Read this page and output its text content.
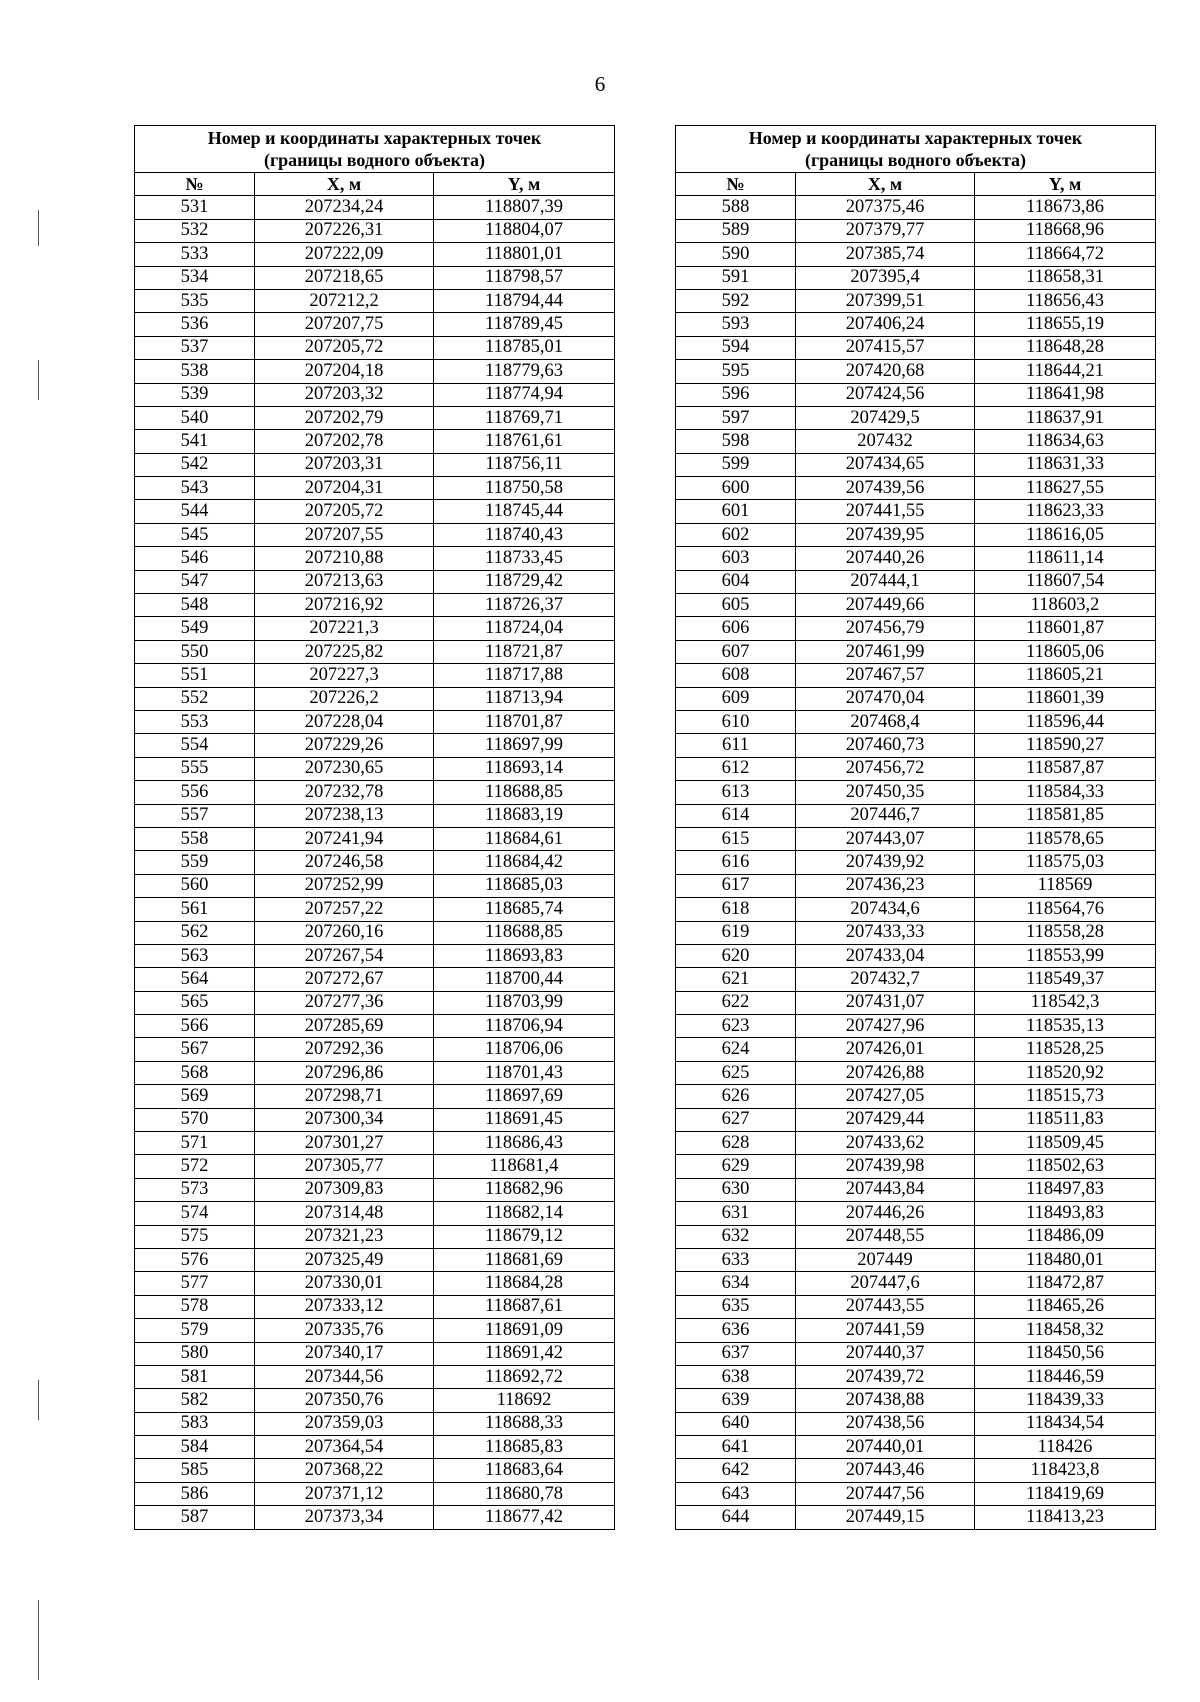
6
Номер и координаты характерных точек
(границы водного объекта)		

№	X, м	Y, м
531	207234,24	118807,39
532	207226,31	118804,07
533	207222,09	118801,01
534	207218,65	118798,57
535	207212,2	118794,44
536	207207,75	118789,45
537	207205,72	118785,01
538	207204,18	118779,63
539	207203,32	118774,94
540	207202,79	118769,71
541	207202,78	118761,61
542	207203,31	118756,11
543	207204,31	118750,58
544	207205,72	118745,44
545	207207,55	118740,43
546	207210,88	118733,45
547	207213,63	118729,42
548	207216,92	118726,37
549	207221,3	118724,04
550	207225,82	118721,87
551	207227,3	118717,88
552	207226,2	118713,94
553	207228,04	118701,87
554	207229,26	118697,99
555	207230,65	118693,14
556	207232,78	118688,85
557	207238,13	118683,19
558	207241,94	118684,61
559	207246,58	118684,42
560	207252,99	118685,03
561	207257,22	118685,74
562	207260,16	118688,85
563	207267,54	118693,83
564	207272,67	118700,44
565	207277,36	118703,99
566	207285,69	118706,94
567	207292,36	118706,06
568	207296,86	118701,43
569	207298,71	118697,69
570	207300,34	118691,45
571	207301,27	118686,43
572	207305,77	118681,4
573	207309,83	118682,96
574	207314,48	118682,14
575	207321,23	118679,12
576	207325,49	118681,69
577	207330,01	118684,28
578	207333,12	118687,61
579	207335,76	118691,09
580	207340,17	118691,42
581	207344,56	118692,72
582	207350,76	118692
583	207359,03	118688,33
584	207364,54	118685,83
585	207368,22	118683,64
586	207371,12	118680,78
587	207373,34	118677,42
Номер и координаты характерных точек
(границы водного объекта)		

№	X, м	Y, м
588	207375,46	118673,86
589	207379,77	118668,96
590	207385,74	118664,72
591	207395,4	118658,31
592	207399,51	118656,43
593	207406,24	118655,19
594	207415,57	118648,28
595	207420,68	118644,21
596	207424,56	118641,98
597	207429,5	118637,91
598	207432	118634,63
599	207434,65	118631,33
600	207439,56	118627,55
601	207441,55	118623,33
602	207439,95	118616,05
603	207440,26	118611,14
604	207444,1	118607,54
605	207449,66	118603,2
606	207456,79	118601,87
607	207461,99	118605,06
608	207467,57	118605,21
609	207470,04	118601,39
610	207468,4	118596,44
611	207460,73	118590,27
612	207456,72	118587,87
613	207450,35	118584,33
614	207446,7	118581,85
615	207443,07	118578,65
616	207439,92	118575,03
617	207436,23	118569
618	207434,6	118564,76
619	207433,33	118558,28
620	207433,04	118553,99
621	207432,7	118549,37
622	207431,07	118542,3
623	207427,96	118535,13
624	207426,01	118528,25
625	207426,88	118520,92
626	207427,05	118515,73
627	207429,44	118511,83
628	207433,62	118509,45
629	207439,98	118502,63
630	207443,84	118497,83
631	207446,26	118493,83
632	207448,55	118486,09
633	207449	118480,01
634	207447,6	118472,87
635	207443,55	118465,26
636	207441,59	118458,32
637	207440,37	118450,56
638	207439,72	118446,59
639	207438,88	118439,33
640	207438,56	118434,54
641	207440,01	118426
642	207443,46	118423,8
643	207447,56	118419,69
644	207449,15	118413,23
